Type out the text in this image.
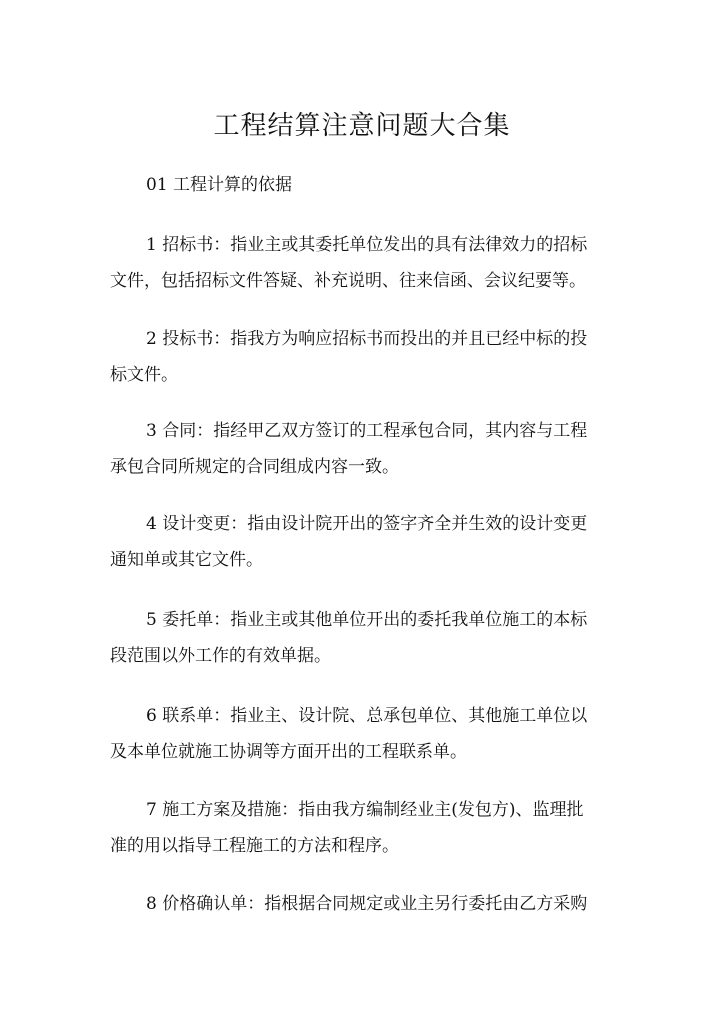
工程结算注意问题大合集
01 工程计算的依据
1 招标书：指业主或其委托单位发出的具有法律效力的招标
文件，包括招标文件答疑、补充说明、往来信函、会议纪要等。
2 投标书：指我方为响应招标书而投出的并且已经中标的投
标文件。
3 合同：指经甲乙双方签订的工程承包合同，其内容与工程
承包合同所规定的合同组成内容一致。
4 设计变更：指由设计院开出的签字齐全并生效的设计变更
通知单或其它文件。
5 委托单：指业主或其他单位开出的委托我单位施工的本标
段范围以外工作的有效单据。
6 联系单：指业主、设计院、总承包单位、其他施工单位以
及本单位就施工协调等方面开出的工程联系单。
7 施工方案及措施：指由我方编制经业主(发包方)、监理批
准的用以指导工程施工的方法和程序。
8 价格确认单：指根据合同规定或业主另行委托由乙方采购
